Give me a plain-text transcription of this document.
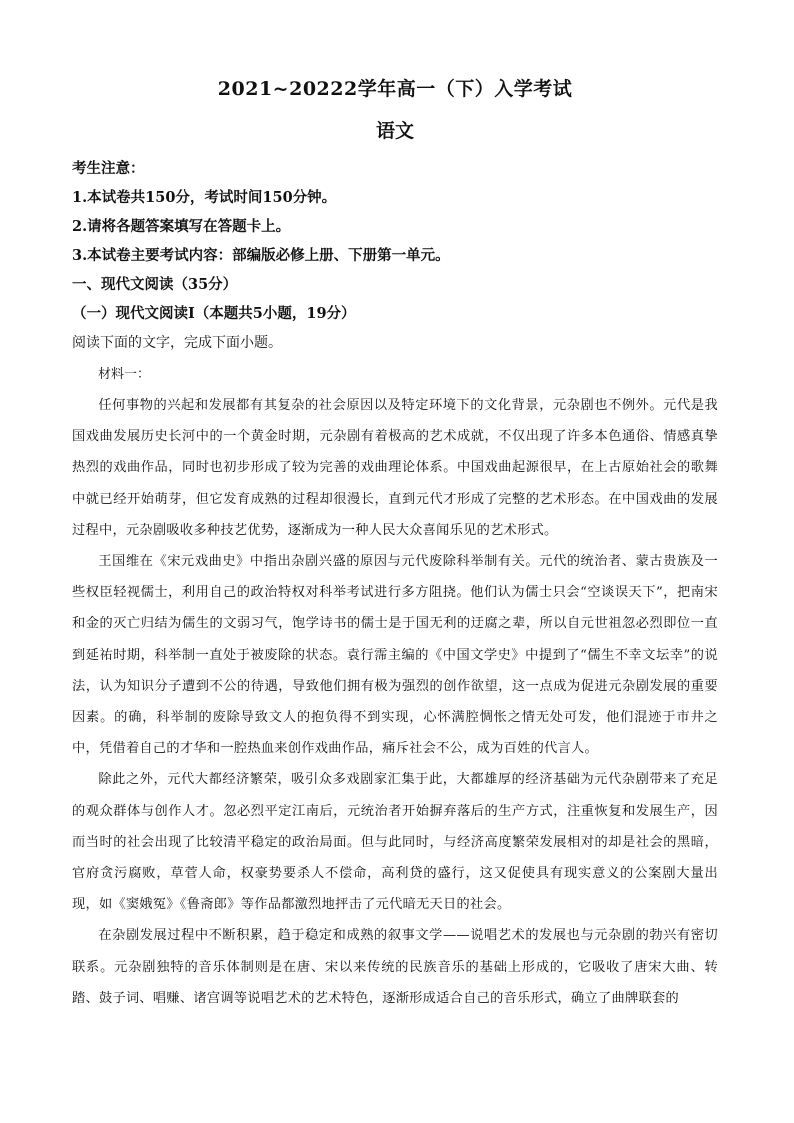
2021~20222学年高一（下）入学考试
语文
考生注意：
1.本试卷共150分，考试时间150分钟。
2.请将各题答案填写在答题卡上。
3.本试卷主要考试内容：部编版必修上册、下册第一单元。
一、现代文阅读（35分）
（一）现代文阅读I（本题共5小题，19分）
阅读下面的文字，完成下面小题。
材料一：

任何事物的兴起和发展都有其复杂的社会原因以及特定环境下的文化背景，元杂剧也不例外。元代是我国戏曲发展历史长河中的一个黄金时期，元杂剧有着极高的艺术成就，不仅出现了许多本色通俗、情感真挚热烈的戏曲作品，同时也初步形成了较为完善的戏曲理论体系。中国戏曲起源很早，在上古原始社会的歌舞中就已经开始萌芽，但它发育成熟的过程却很漫长，直到元代才形成了完整的艺术形态。在中国戏曲的发展过程中，元杂剧吸收多种技艺优势，逐渐成为一种人民大众喜闻乐见的艺术形式。

王国维在《宋元戏曲史》中指出杂剧兴盛的原因与元代废除科举制有关。元代的统治者、蒙古贵族及一些权臣轻视儒士，利用自己的政治特权对科举考试进行多方阻挠。他们认为儒士只会“空谈误天下”，把南宋和金的灭亡归结为儒生的文弱习气，饱学诗书的儒士是于国无利的迂腐之辈，所以自元世祖忽必烈即位一直到延祐时期，科举制一直处于被废除的状态。袁行霈主编的《中国文学史》中提到了“儒生不幸文坛幸”的说法，认为知识分子遭到不公的待遇，导致他们拥有极为强烈的创作欲望，这一点成为促进元杂剧发展的重要因素。的确，科举制的废除导致文人的抱负得不到实现，心怀满腔惆怅之情无处可发，他们混迹于市井之中，凭借着自己的才华和一腔热血来创作戏曲作品，痛斥社会不公，成为百姓的代言人。

除此之外，元代大都经济繁荣，吸引众多戏剧家汇集于此，大都雄厚的经济基础为元代杂剧带来了充足的观众群体与创作人才。忽必烈平定江南后，元统治者开始摒弃落后的生产方式，注重恢复和发展生产，因而当时的社会出现了比较清平稳定的政治局面。但与此同时，与经济高度繁荣发展相对的却是社会的黑暗，官府贪污腐败，草菅人命，权豪势要杀人不偿命，高利贷的盛行，这又促使具有现实意义的公案剧大量出现，如《窦娥冤》《鲁斋郎》等作品都激烈地抨击了元代暗无天日的社会。

在杂剧发展过程中不断积累，趋于稳定和成熟的叙事文学——说唱艺术的发展也与元杂剧的勃兴有密切联系。元杂剧独特的音乐体制则是在唐、宋以来传统的民族音乐的基础上形成的，它吸收了唐宋大曲、转踏、鼓子词、唱赚、诸宫调等说唱艺术的艺术特色，逐渐形成适合自己的音乐形式，确立了曲牌联套的
